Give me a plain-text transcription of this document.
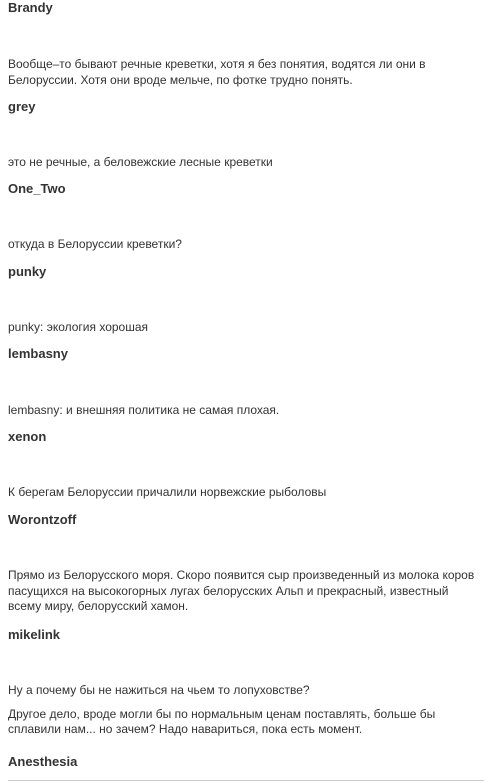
Brandy

Вообще–то бывают речные креветки, хотя я без понятия, водятся ли они в Белоруссии. Хотя они вроде мельче, по фотке трудно понять.

grey

это не речные, а беловежские лесные креветки

One_Two

откуда в Белоруссии креветки?

punky

punky: экология хорошая

lembasny

lembasny: и внешняя политика не самая плохая.

xenon

К берегам Белоруссии причалили норвежские рыболовы

Worontzoff

Прямо из Белорусского моря. Скоро появится сыр произведенный из молока коров пасущихся на высокогорных лугах белорусских Альп и прекрасный, известный всему миру, белорусский хамон.

mikelink

Ну а почему бы не нажиться на чьем то лопуховстве?

Другое дело, вроде могли бы по нормальным ценам поставлять, больше бы сплавили нам... но зачем? Надо навариться, пока есть момент.

Anesthesia
